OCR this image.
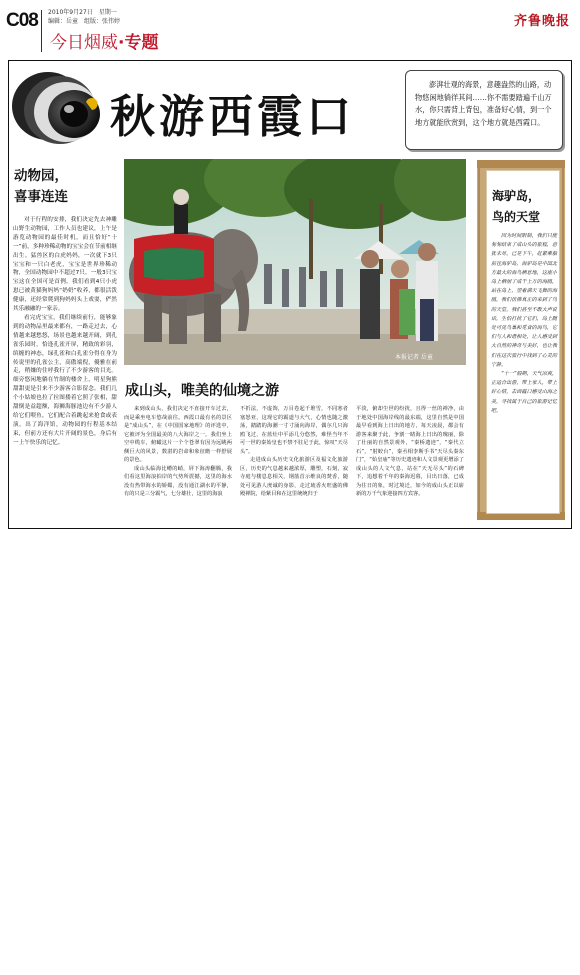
C08 2010年9月27日　星期一
编辑：岳童　组版：张伟婷
今日烟威·专题
齐鲁晚报
秋游西霞口
澎湃壮观的海景，意趣盎然的山路，动物悠闲地徜徉其间……你不需要踏遍千山万水，你只需背上背包，准备好心情，到一个地方就能欣赏到，这个地方就是西霞口。
动物园，
喜事连连

对于行程的安排，我们决定先去神雕山野生动物园，工作人员也建议，上午是游览动物园的最佳时机，而且恰好“十一”前，多种珍稀动物的宝宝会在节前相继出生。猛兽区的白虎妈妈，一次就下3只宝宝和一只白老虎，宝宝是世界珍稀动物，全国动物园中不超过7只。一般3只宝宝这在全国可是首例。我们看到4只小虎崽已被黄猫狗妈妈“奶奶”收养，都很活泼健康，还经常爬到狗妈妈头上戏耍，俨然其乐融融的一家亲。

看完虎宝宝，我们继续前行，能够象到的动物品里最来都有，一路走过去，心情越来越愁悠，场景也越来越开阔，到孔雀乐园时，恰逢孔雀开屏，精致的彩羽，缤缠的神态，绿孔雀和白孔雀分得在身为传说里的孔雀公主，高傲端倪，優雅在前走，稍嫌的住呼我行了不少游客的目光。细旁悠闲地躺在竹制的楼舍上，明星狗熊甜甜更是引来不少游客合影留念。我们几个小姑娘也拉了拉图搂着它照了张相，甜甜倒是益超额，海狮海豚池边有不少游人给它们喂鱼，它们配合着跳起来抢食或表演，出了海洋馆，动物园的行程基本结束，但前方还有大片开阔的景色，身后有一上午快乐的记忆。

本报记者 岳童
成山头，唯美的仙境之游

来到成山头，我们决定不直接开车过去，而是乘坐电车悠哉前往。西霞口最有名的景区是“成山头”，在《中国国家地理》的评选中，它被评为全国最美的八大海岸之一。我们坐上空中缆车，俯瞰这片一个个苍翠有因为远眺两侧巨大的风景，数湛的岩命和象征瞻一样舒展的景色。

成山头临海比嵴的峭，屏下海涛翻腾，我们看这里海浪拍岸的气势所震撼，这里的海水没有热带海水的娇媚，没有通江湖水的平静，有的只是三分霸气，七分雄壮，这里的海浪

不折法，不虚饰，万目卷起千堆雪，不同寒者塞怒亚，这现它的霸道与大气，心情也随之激荡，踏踏的海潮一寸寸涌向海岸，偶尔几只海鸥飞过，在蓝灶中平添几分悠然，难怪当年不可一世的秦始皇也不禁不驻足于此，惊叹“天尽头”。

走进成山头历史文化旅游区及福文化旅游区，历史的气息越来越浓厚，雕塑，石刻，寂寺庭与楼息息相关，钢筋首示维良的焚香，随处可见游人虔诚的身影，走过琉香火旺盛的佛殿禅院，给紫目和在这里统统归于

平淡，俯却尘世的纷扰，且得一丝的禅净，由于地处中国海岸线的最东端，这里自然是中国最早看到海上日出的地方，每天凌晨，都会有游客来聚于此，争割一睹海上日出的瑰丽，除了壮丽的自然景观外，“秦桥遗迹”，“秦代立石”，“射蛟台”，秦丞相李斯手书“天尽头秦东门”，“始皇庙”等历史遗迹和人文景观更增添了成山头的人文气息，站在“天无尽头”的石碑下，追想着千年的秦海迟暮，目出日落，已成为往日的象，时过境迁，如今的成山头正以崭新的万千气象迎接四方宾客。

海驴岛，
鸟的天堂

因为时间限制，我们只能匆匆结束了成山头的旅程，意犹未尽，已是下午，赶紧乘船前往海驴岛，海驴岛是中国北方最大的海鸟栖息地，这座小岛上栖居了成千上万的海鸥，站在岛上，望着满天飞舞的海鸥，我们仿佛真正的来到了鸟的天堂，我们甚至不敢大声说话，生怕打扰了它们，岛上随处可见鸟巢和觅食的海鸟，它们与人和谐相处，让人感受到大自然的神奇与美好，也让我们在这次旅行中找到了心灵的宁静。

“十一”假期，天气凉爽，正适合出游，带上家人，带上好心情，去西霞口感受山海之美，寻找属于自己的旅游记忆吧。
